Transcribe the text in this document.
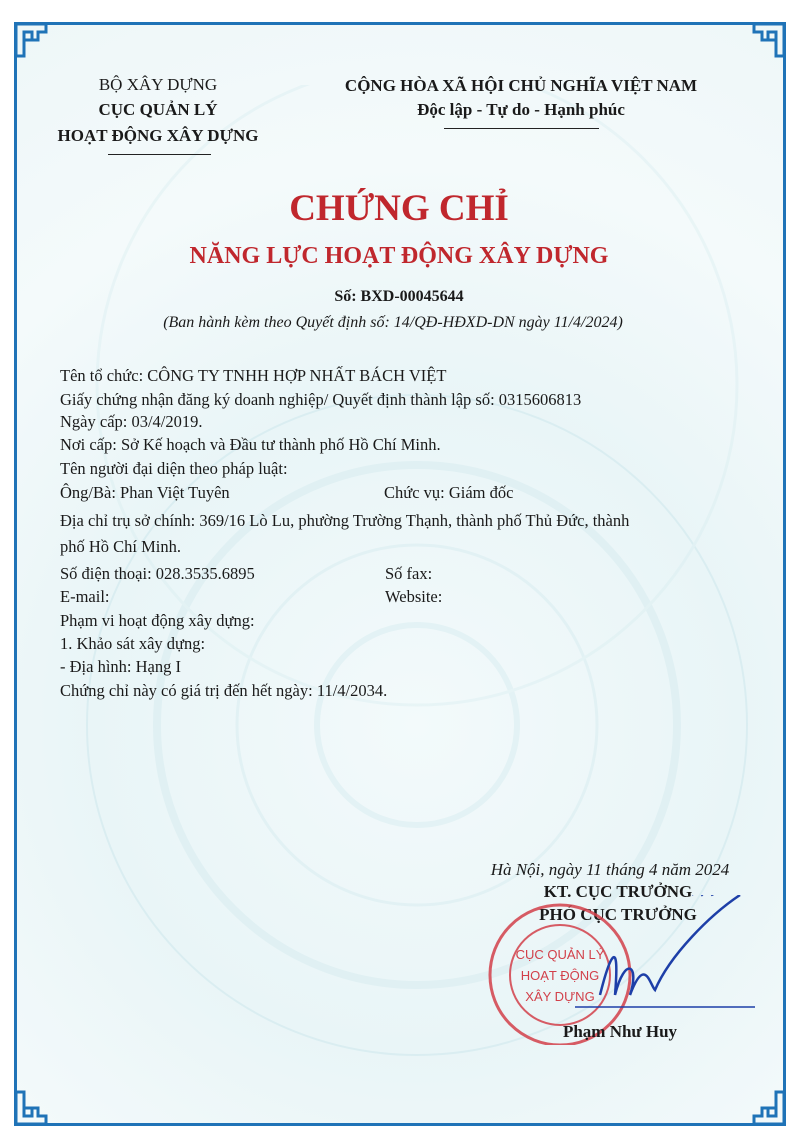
BỘ XÂY DỰNG
CỤC QUẢN LÝ
HOẠT ĐỘNG XÂY DỰNG
CỘNG HÒA XÃ HỘI CHỦ NGHĨA VIỆT NAM
Độc lập - Tự do - Hạnh phúc
CHỨNG CHỈ
NĂNG LỰC HOẠT ĐỘNG XÂY DỰNG
Số: BXD-00045644
(Ban hành kèm theo Quyết định số: 14/QĐ-HĐXD-DN ngày 11/4/2024)
Tên tổ chức: CÔNG TY TNHH HỢP NHẤT BÁCH VIỆT
Giấy chứng nhận đăng ký doanh nghiệp/ Quyết định thành lập số: 0315606813
Ngày cấp: 03/4/2019.
Nơi cấp: Sở Kế hoạch và Đầu tư thành phố Hồ Chí Minh.
Tên người đại diện theo pháp luật:
Ông/Bà: Phan Việt Tuyên	Chức vụ: Giám đốc
Địa chỉ trụ sở chính: 369/16 Lò Lu, phường Trường Thạnh, thành phố Thủ Đức, thành
phố Hồ Chí Minh.
Số điện thoại: 028.3535.6895	Số fax:
E-mail:	Website:
Phạm vi hoạt động xây dựng:
1. Khảo sát xây dựng:
- Địa hình: Hạng I
Chứng chỉ này có giá trị đến hết ngày: 11/4/2034.
Hà Nội, ngày 11 tháng 4 năm 2024
KT. CỤC TRƯỞNG
PHÓ CỤC TRƯỞNG
CỤC QUẢN LÝ
HOẠT ĐỘNG
XÂY DỰNG
Phạm Như Huy
